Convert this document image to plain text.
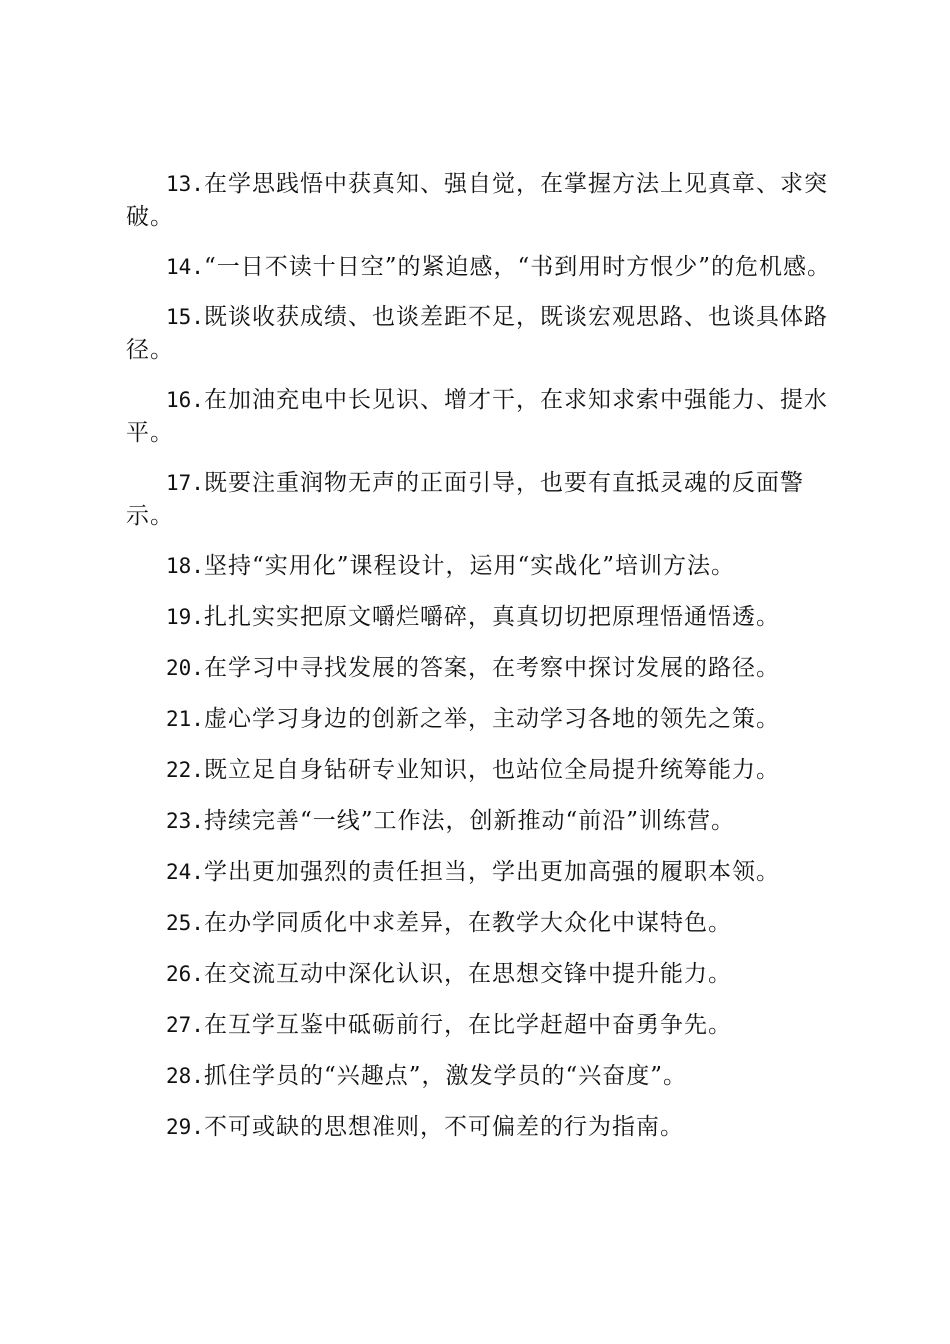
13.在学思践悟中获真知、强自觉，在掌握方法上见真章、求突破。

14.“一日不读十日空”的紧迫感，“书到用时方恨少”的危机感。

15.既谈收获成绩、也谈差距不足，既谈宏观思路、也谈具体路径。

16.在加油充电中长见识、增才干，在求知求索中强能力、提水平。

17.既要注重润物无声的正面引导，也要有直抵灵魂的反面警示。

18.坚持“实用化”课程设计，运用“实战化”培训方法。

19.扎扎实实把原文嚼烂嚼碎，真真切切把原理悟通悟透。

20.在学习中寻找发展的答案，在考察中探讨发展的路径。

21.虚心学习身边的创新之举，主动学习各地的领先之策。

22.既立足自身钻研专业知识，也站位全局提升统筹能力。

23.持续完善“一线”工作法，创新推动“前沿”训练营。

24.学出更加强烈的责任担当，学出更加高强的履职本领。

25.在办学同质化中求差异，在教学大众化中谋特色。

26.在交流互动中深化认识，在思想交锋中提升能力。

27.在互学互鉴中砥砺前行，在比学赶超中奋勇争先。

28.抓住学员的“兴趣点”，激发学员的“兴奋度”。

29.不可或缺的思想准则，不可偏差的行为指南。
